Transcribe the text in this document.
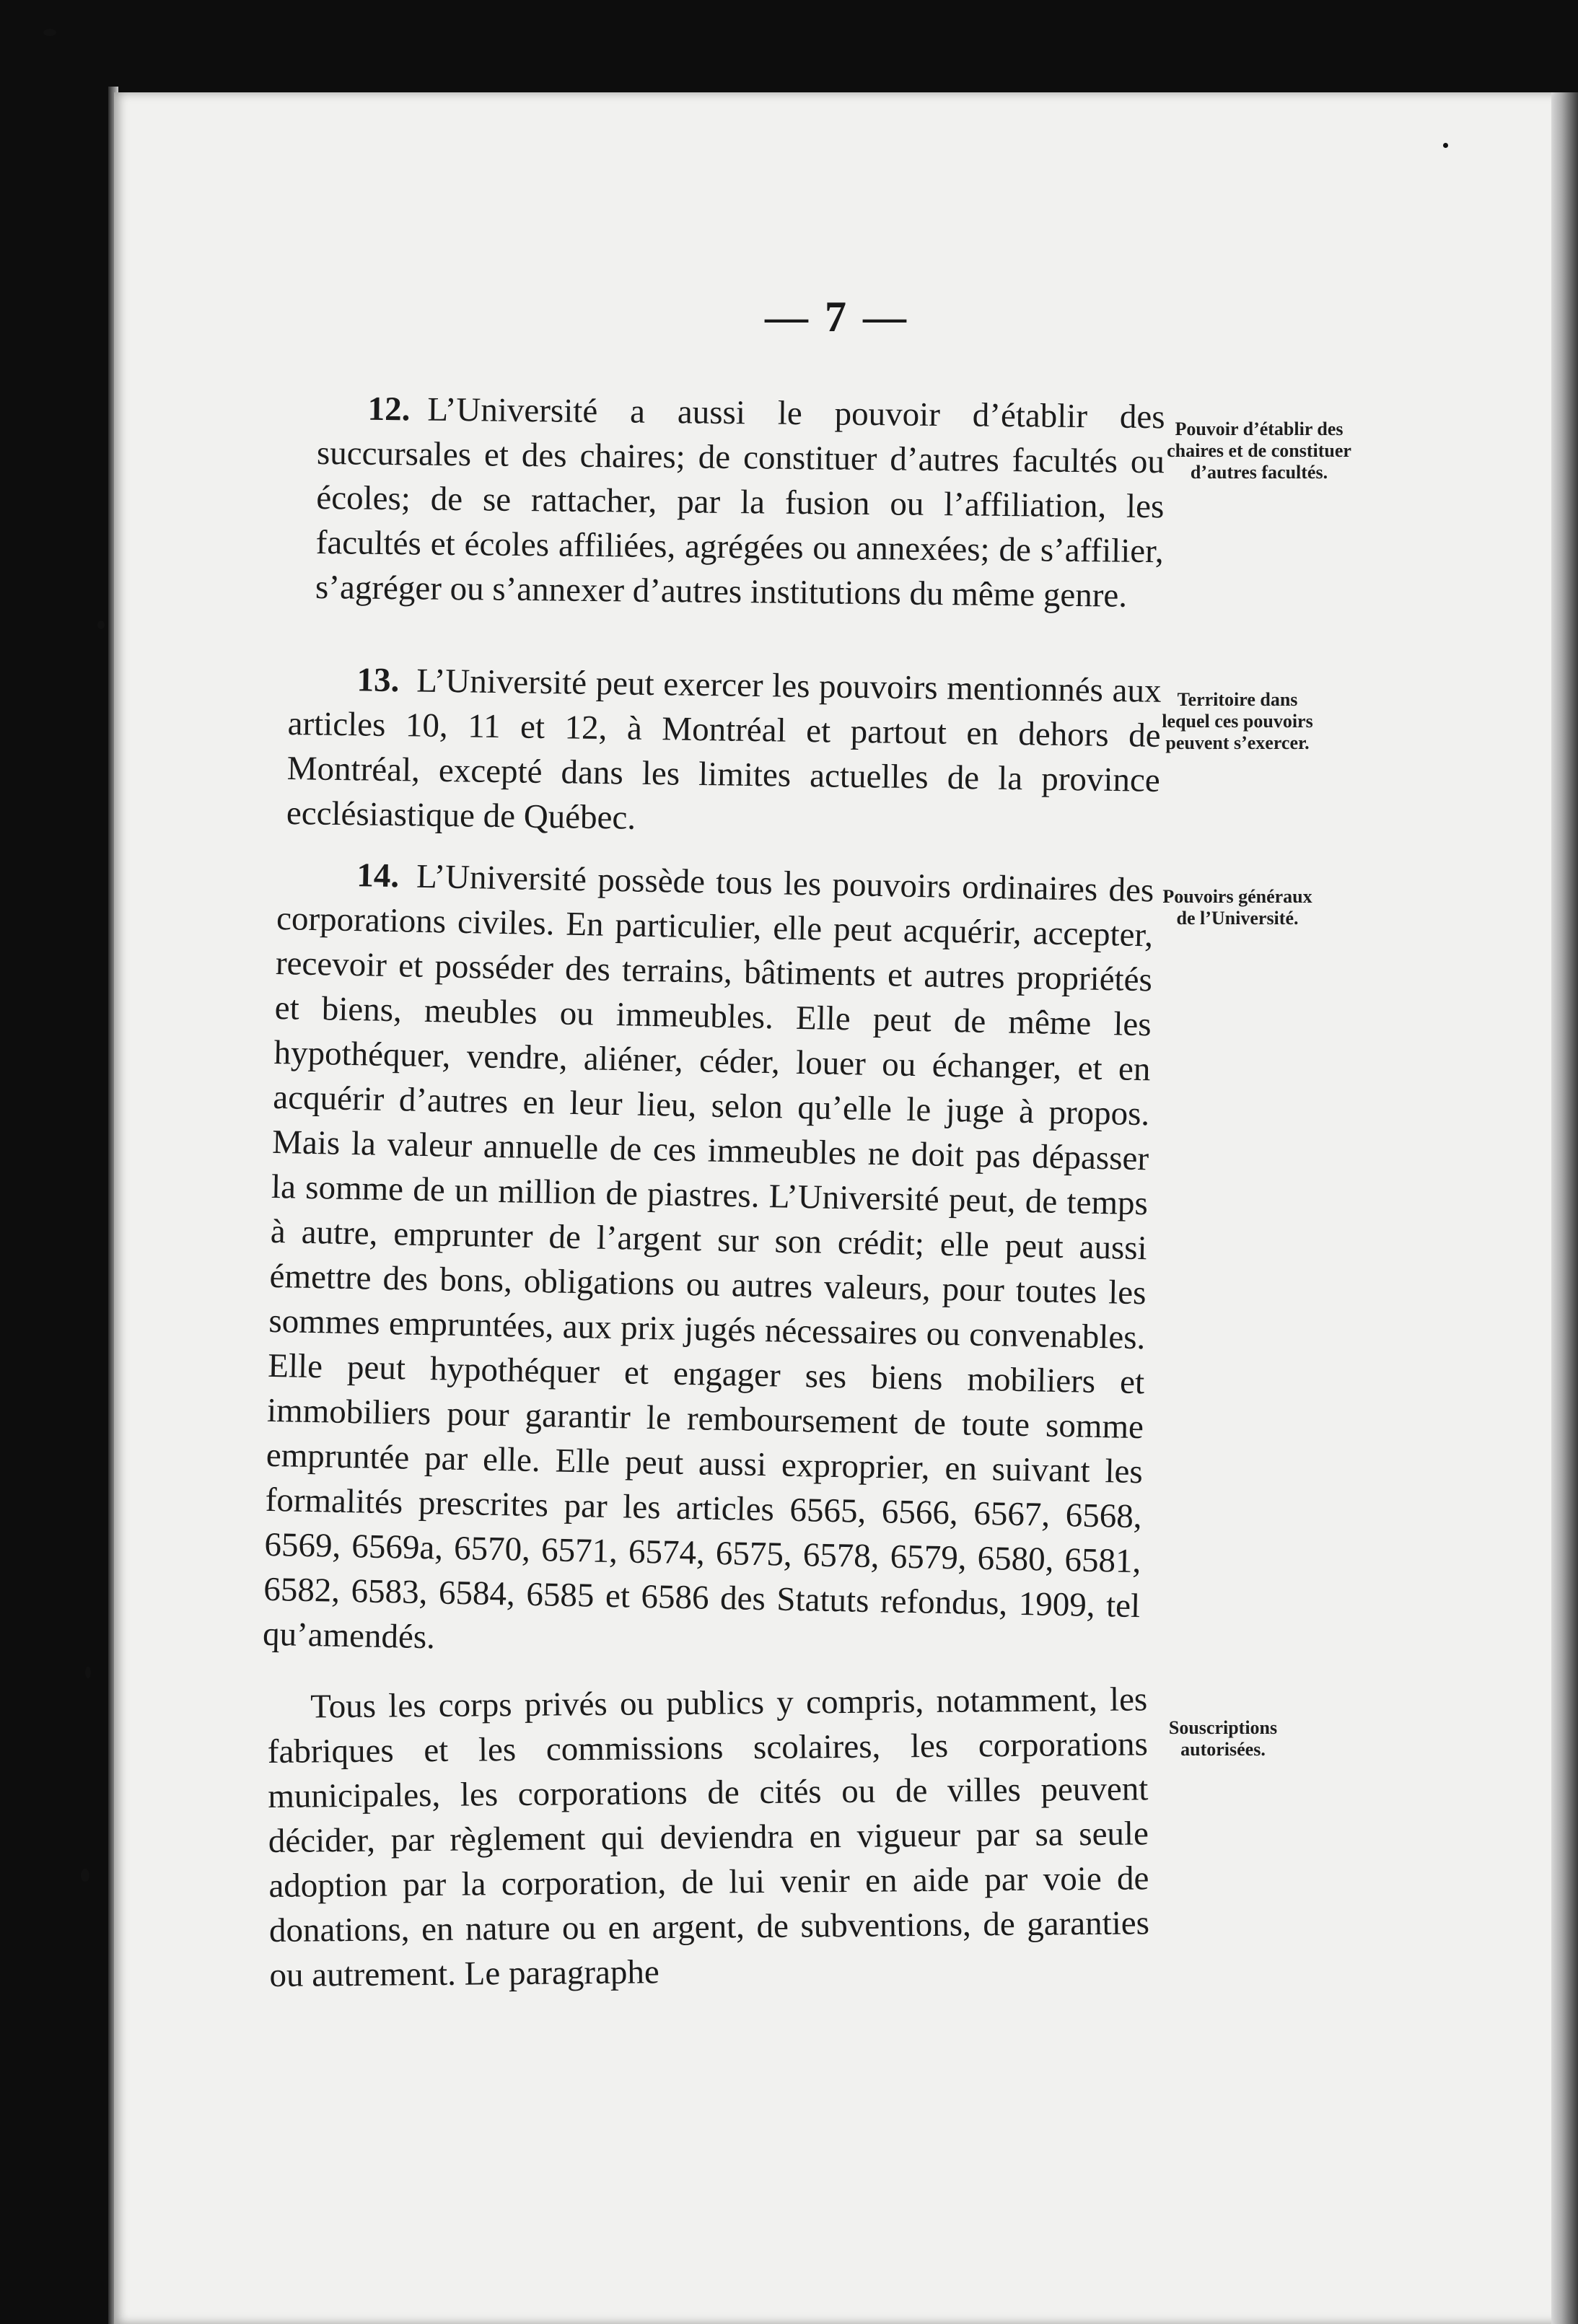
— 7 —
12. L’Université a aussi le pouvoir d’établir des succursales et des chaires; de constituer d’autres facultés ou écoles; de se rattacher, par la fusion ou l’affiliation, les facultés et écoles affiliées, agrégées ou annexées; de s’affilier, s’agréger ou s’annexer d’autres institutions du même genre.
Pouvoir d’établir des chaires et de constituer d’autres facultés.
13. L’Université peut exercer les pouvoirs mentionnés aux articles 10, 11 et 12, à Montréal et partout en dehors de Montréal, excepté dans les limites actuelles de la province ecclésiastique de Québec.
Territoire dans lequel ces pouvoirs peuvent s’exercer.
14. L’Université possède tous les pouvoirs ordinaires des corporations civiles. En particulier, elle peut acquérir, accepter, recevoir et posséder des terrains, bâtiments et autres propriétés et biens, meubles ou immeubles. Elle peut de même les hypothéquer, vendre, aliéner, céder, louer ou échanger, et en acquérir d’autres en leur lieu, selon qu’elle le juge à propos. Mais la valeur annuelle de ces immeubles ne doit pas dépasser la somme de un million de piastres. L’Université peut, de temps à autre, emprunter de l’argent sur son crédit; elle peut aussi émettre des bons, obligations ou autres valeurs, pour toutes les sommes empruntées, aux prix jugés nécessaires ou convenables. Elle peut hypothéquer et engager ses biens mobiliers et immobiliers pour garantir le remboursement de toute somme empruntée par elle. Elle peut aussi exproprier, en suivant les formalités prescrites par les articles 6565, 6566, 6567, 6568, 6569, 6569a, 6570, 6571, 6574, 6575, 6578, 6579, 6580, 6581, 6582, 6583, 6584, 6585 et 6586 des Statuts refondus, 1909, tel qu’amendés.
Pouvoirs généraux de l’Université.
Tous les corps privés ou publics y compris, notamment, les fabriques et les commissions scolaires, les corporations municipales, les corporations de cités ou de villes peuvent décider, par règlement qui deviendra en vigueur par sa seule adoption par la corporation, de lui venir en aide par voie de donations, en nature ou en argent, de subventions, de garanties ou autrement. Le paragraphe
Souscriptions autorisées.
